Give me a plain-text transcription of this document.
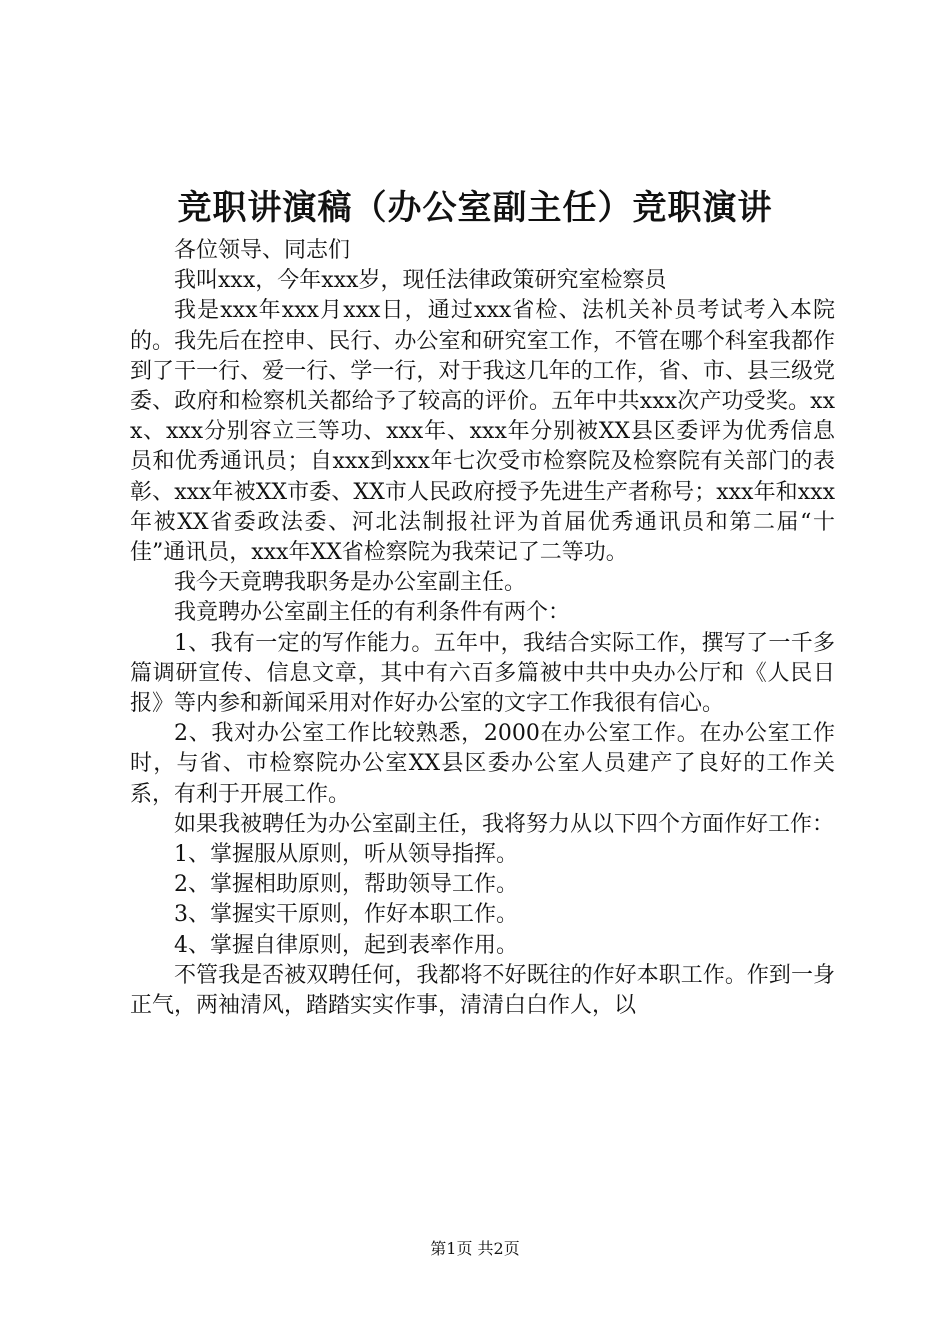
竞职讲演稿（办公室副主任）竞职演讲

各位领导、同志们

我叫xxx，今年xxx岁，现任法律政策研究室检察员

我是xxx年xxx月xxx日，通过xxx省检、法机关补员考试考入本院的。我先后在控申、民行、办公室和研究室工作，不管在哪个科室我都作到了干一行、爱一行、学一行，对于我这几年的工作，省、市、县三级党委、政府和检察机关都给予了较高的评价。五年中共xxx次产功受奖。xxx、xxx分别容立三等功、xxx年、xxx年分别被XX县区委评为优秀信息员和优秀通讯员；自xxx到xxx年七次受市检察院及检察院有关部门的表彰、xxx年被XX市委、XX市人民政府授予先进生产者称号；xxx年和xxx年被XX省委政法委、河北法制报社评为首届优秀通讯员和第二届“十佳”通讯员，xxx年XX省检察院为我荣记了二等功。

我今天竟聘我职务是办公室副主任。

我竟聘办公室副主任的有利条件有两个：

1、我有一定的写作能力。五年中，我结合实际工作，撰写了一千多篇调研宣传、信息文章，其中有六百多篇被中共中央办公厅和《人民日报》等内参和新闻采用对作好办公室的文字工作我很有信心。

2、我对办公室工作比较熟悉，2000在办公室工作。在办公室工作时，与省、市检察院办公室XX县区委办公室人员建产了良好的工作关系，有利于开展工作。

如果我被聘任为办公室副主任，我将努力从以下四个方面作好工作：

1、掌握服从原则，听从领导指挥。

2、掌握相助原则，帮助领导工作。

3、掌握实干原则，作好本职工作。

4、掌握自律原则，起到表率作用。

不管我是否被双聘任何，我都将不好既往的作好本职工作。作到一身正气，两袖清风，踏踏实实作事，清清白白作人，以

第1页 共2页
